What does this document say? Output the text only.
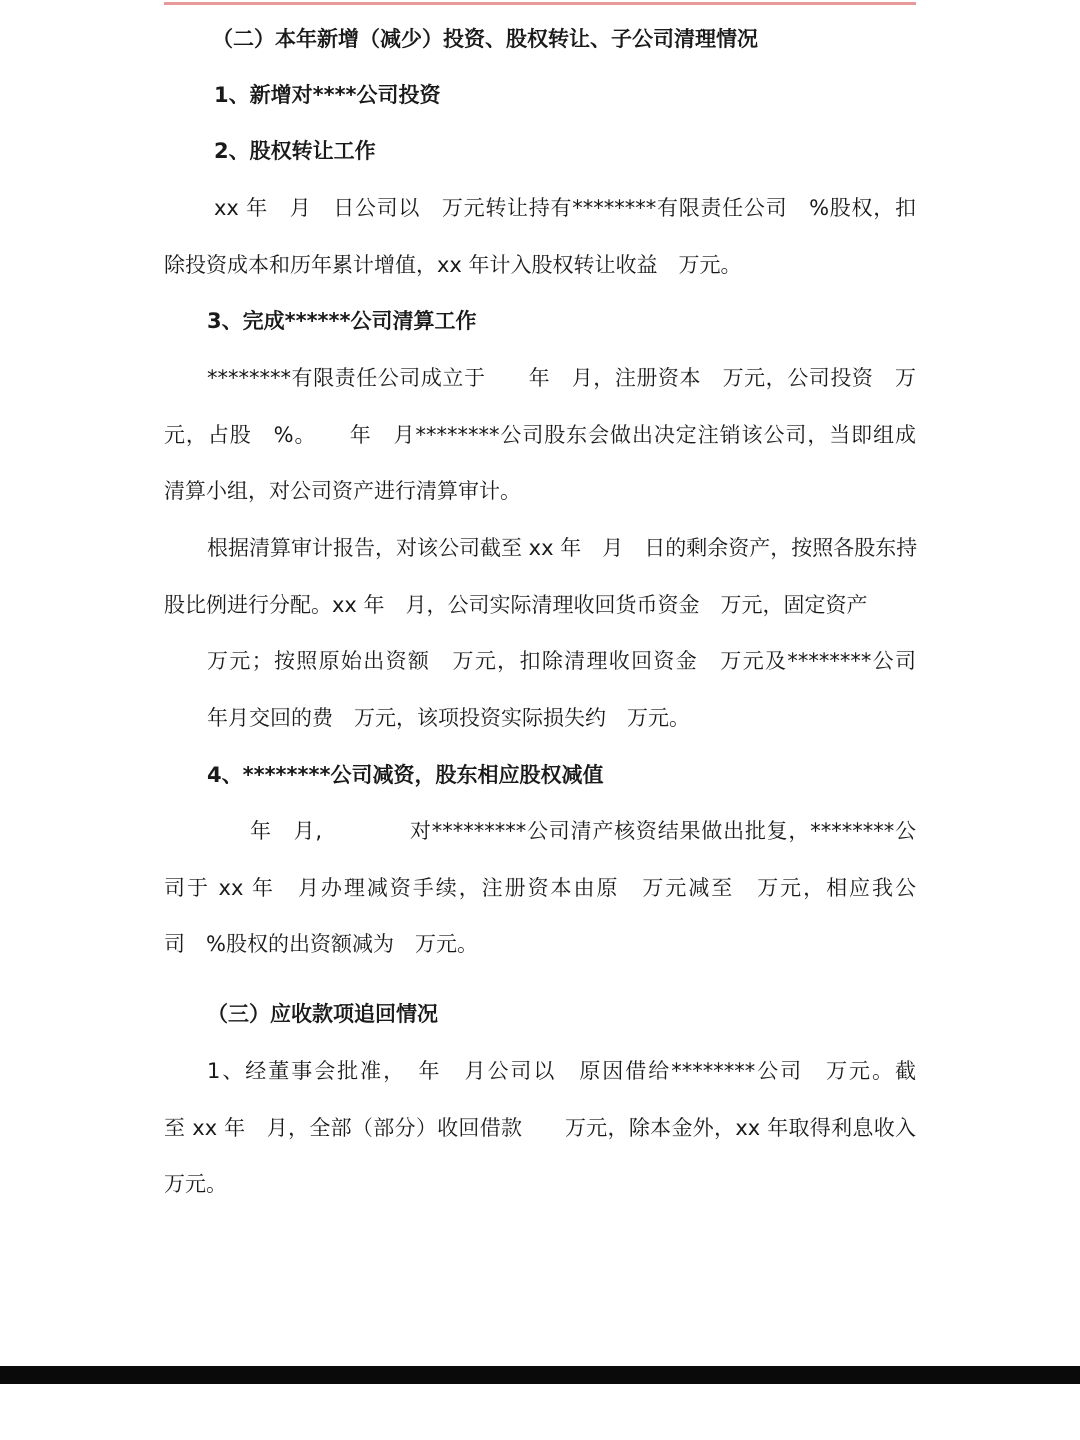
（二）本年新增（减少）投资、股权转让、子公司清理情况

1、新增对****公司投资

2、股权转让工作

xx 年　月　日公司以　万元转让持有********有限责任公司　%股权，扣

除投资成本和历年累计增值，xx 年计入股权转让收益　万元。

3、完成******公司清算工作

********有限责任公司成立于　　年　月，注册资本　万元，公司投资　万

元，占股　%。　　年　月********公司股东会做出决定注销该公司，当即组成

清算小组，对公司资产进行清算审计。

根据清算审计报告，对该公司截至 xx 年　月　日的剩余资产，按照各股东持

股比例进行分配。xx 年　月，公司实际清理收回货币资金　万元，固定资产

万元；按照原始出资额　万元，扣除清理收回资金　万元及********公司

年月交回的费　万元，该项投资实际损失约　万元。

4、********公司减资，股东相应股权减值

年　月,　　　　对*********公司清产核资结果做出批复，********公

司于 xx 年　月办理减资手续，注册资本由原　万元减至　万元，相应我公

司　%股权的出资额减为　万元。

（三）应收款项追回情况

1、经董事会批准，　年　月公司以　原因借给********公司　万元。截

至 xx 年　月，全部（部分）收回借款　　万元，除本金外，xx 年取得利息收入

万元。
